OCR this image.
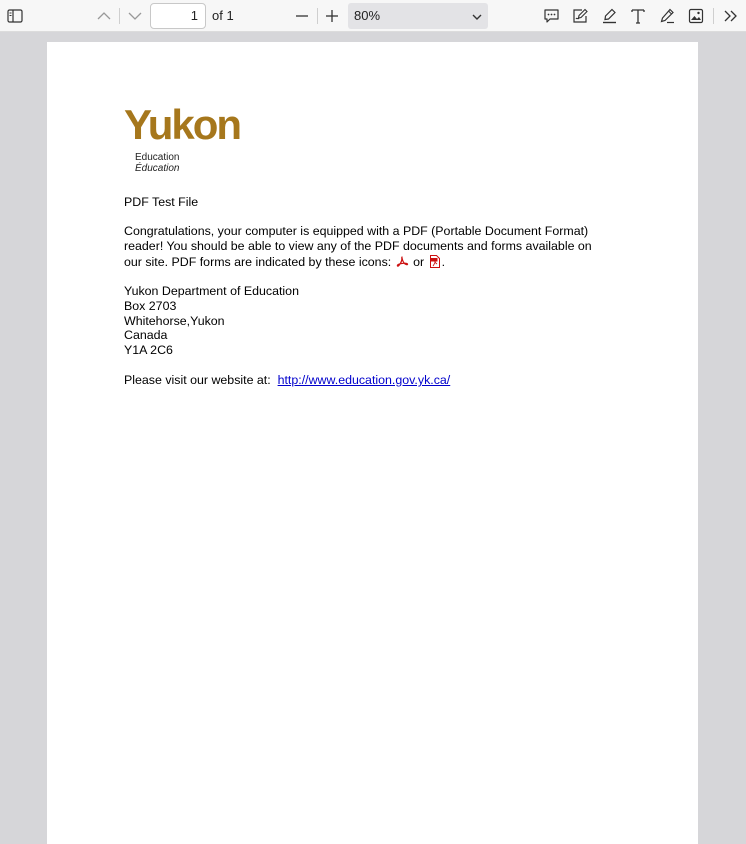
1	of 1	80%
Yukon
Education
Éducation
PDF Test File
Congratulations, your computer is equipped with a PDF (Portable Document Format)
reader! You should be able to view any of the PDF documents and forms available on
our site. PDF forms are indicated by these icons: or .
Yukon Department of Education
Box 2703
Whitehorse,Yukon
Canada
Y1A 2C6
Please visit our website at: http://www.education.gov.yk.ca/
